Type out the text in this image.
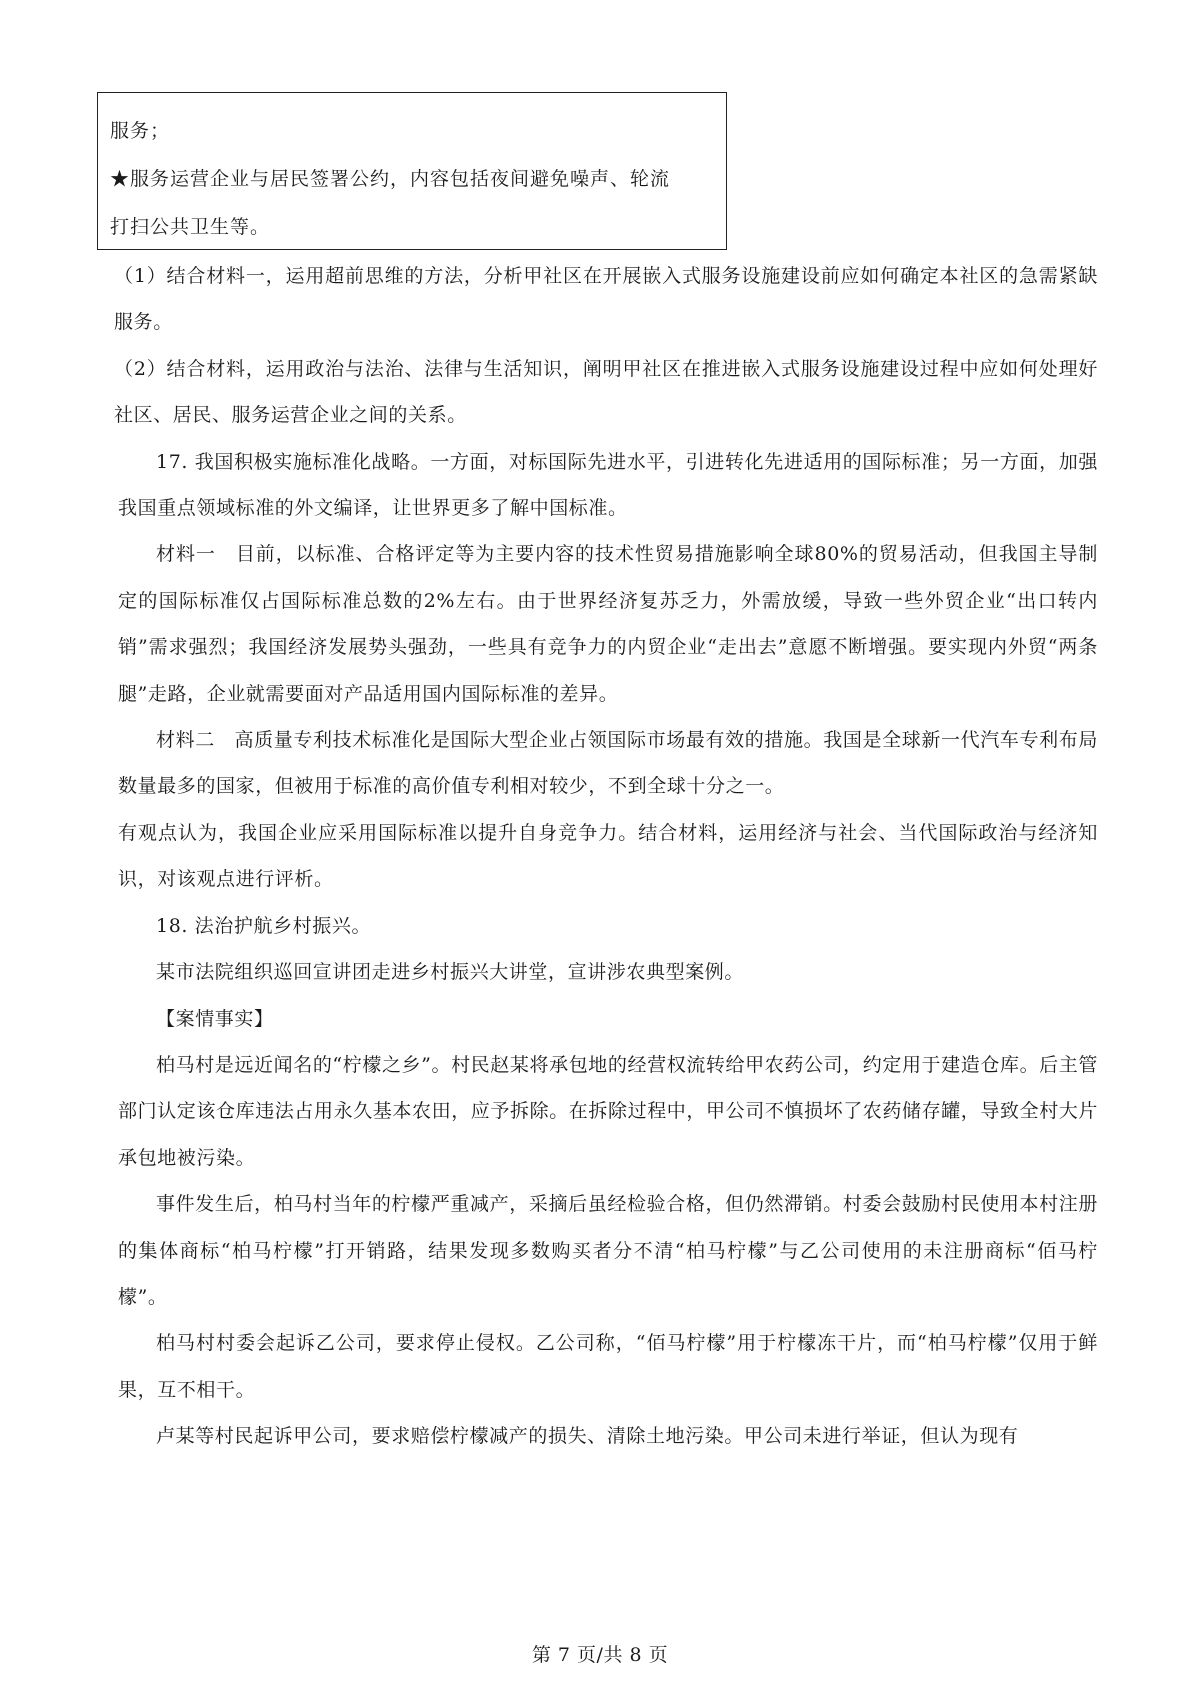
服务；

★服务运营企业与居民签署公约，内容包括夜间避免噪声、轮流

打扫公共卫生等。

（1）结合材料一，运用超前思维的方法，分析甲社区在开展嵌入式服务设施建设前应如何确定本社区的急需紧缺服务。

（2）结合材料，运用政治与法治、法律与生活知识，阐明甲社区在推进嵌入式服务设施建设过程中应如何处理好社区、居民、服务运营企业之间的关系。

17. 我国积极实施标准化战略。一方面，对标国际先进水平，引进转化先进适用的国际标准；另一方面，加强我国重点领域标准的外文编译，让世界更多了解中国标准。

材料一　目前，以标准、合格评定等为主要内容的技术性贸易措施影响全球80%的贸易活动，但我国主导制定的国际标准仅占国际标准总数的2%左右。由于世界经济复苏乏力，外需放缓，导致一些外贸企业“出口转内销”需求强烈；我国经济发展势头强劲，一些具有竞争力的内贸企业“走出去”意愿不断增强。要实现内外贸“两条腿”走路，企业就需要面对产品适用国内国际标准的差异。

材料二　高质量专利技术标准化是国际大型企业占领国际市场最有效的措施。我国是全球新一代汽车专利布局数量最多的国家，但被用于标准的高价值专利相对较少，不到全球十分之一。

有观点认为，我国企业应采用国际标准以提升自身竞争力。结合材料，运用经济与社会、当代国际政治与经济知识，对该观点进行评析。

18. 法治护航乡村振兴。

某市法院组织巡回宣讲团走进乡村振兴大讲堂，宣讲涉农典型案例。

【案情事实】

柏马村是远近闻名的“柠檬之乡”。村民赵某将承包地的经营权流转给甲农药公司，约定用于建造仓库。后主管部门认定该仓库违法占用永久基本农田，应予拆除。在拆除过程中，甲公司不慎损坏了农药储存罐，导致全村大片承包地被污染。

事件发生后，柏马村当年的柠檬严重减产，采摘后虽经检验合格，但仍然滞销。村委会鼓励村民使用本村注册的集体商标“柏马柠檬”打开销路，结果发现多数购买者分不清“柏马柠檬”与乙公司使用的未注册商标“佰马柠檬”。

柏马村村委会起诉乙公司，要求停止侵权。乙公司称，“佰马柠檬”用于柠檬冻干片，而“柏马柠檬”仅用于鲜果，互不相干。

卢某等村民起诉甲公司，要求赔偿柠檬减产的损失、清除土地污染。甲公司未进行举证，但认为现有

第 7 页/共 8 页
